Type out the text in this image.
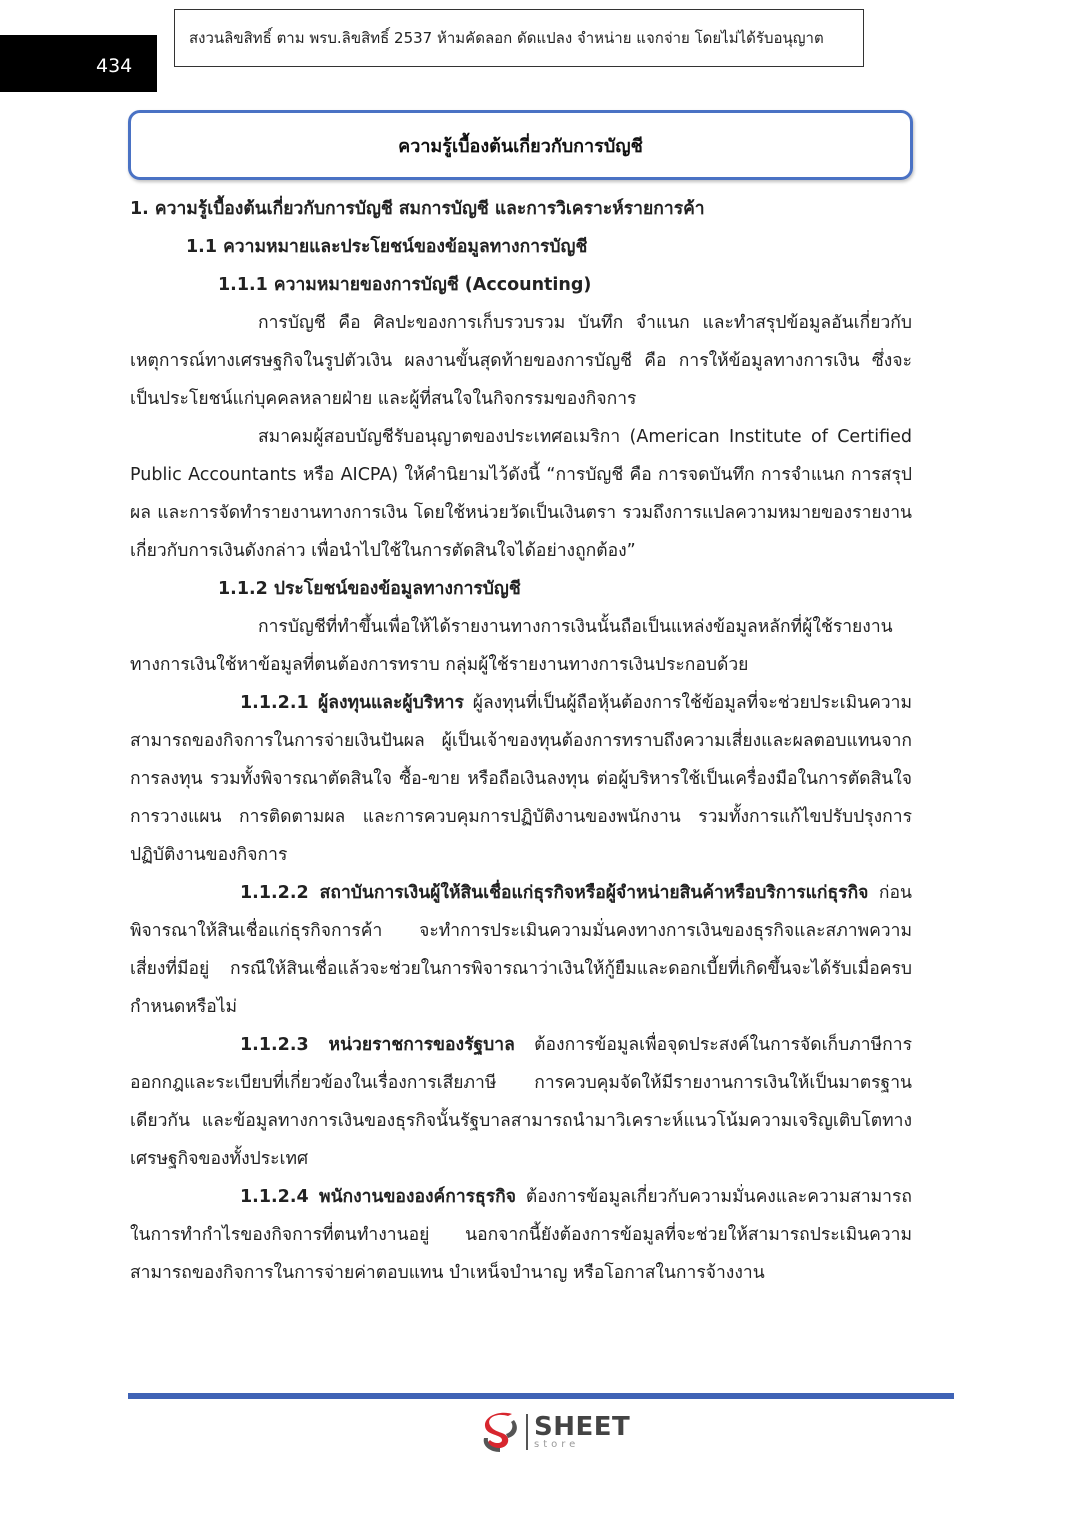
434
สงวนลิขสิทธิ์ ตาม พรบ.ลิขสิทธิ์ 2537 ห้ามคัดลอก ดัดแปลง จำหน่าย แจกจ่าย โดยไม่ได้รับอนุญาต
ความรู้เบื้องต้นเกี่ยวกับการบัญชี

1. ความรู้เบื้องต้นเกี่ยวกับการบัญชี สมการบัญชี และการวิเคราะห์รายการค้า

1.1 ความหมายและประโยชน์ของข้อมูลทางการบัญชี

1.1.1 ความหมายของการบัญชี (Accounting)

การบัญชี คือ ศิลปะของการเก็บรวบรวม บันทึก จำแนก และทำสรุปข้อมูลอันเกี่ยวกับเหตุการณ์ทางเศรษฐกิจในรูปตัวเงิน ผลงานขั้นสุดท้ายของการบัญชี คือ การให้ข้อมูลทางการเงิน ซึ่งจะเป็นประโยชน์แก่บุคคลหลายฝ่าย และผู้ที่สนใจในกิจกรรมของกิจการ

สมาคมผู้สอบบัญชีรับอนุญาตของประเทศอเมริกา (American Institute of Certified Public Accountants หรือ AICPA) ให้คำนิยามไว้ดังนี้ “การบัญชี คือ การจดบันทึก การจำแนก การสรุปผล และการจัดทำรายงานทางการเงิน โดยใช้หน่วยวัดเป็นเงินตรา รวมถึงการแปลความหมายของรายงานเกี่ยวกับการเงินดังกล่าว เพื่อนำไปใช้ในการตัดสินใจได้อย่างถูกต้อง”

1.1.2 ประโยชน์ของข้อมูลทางการบัญชี

การบัญชีที่ทำขึ้นเพื่อให้ได้รายงานทางการเงินนั้นถือเป็นแหล่งข้อมูลหลักที่ผู้ใช้รายงานทางการเงินใช้หาข้อมูลที่ตนต้องการทราบ กลุ่มผู้ใช้รายงานทางการเงินประกอบด้วย

1.1.2.1 ผู้ลงทุนและผู้บริหาร ผู้ลงทุนที่เป็นผู้ถือหุ้นต้องการใช้ข้อมูลที่จะช่วยประเมินความสามารถของกิจการในการจ่ายเงินปันผล ผู้เป็นเจ้าของทุนต้องการทราบถึงความเสี่ยงและผลตอบแทนจากการลงทุน รวมทั้งพิจารณาตัดสินใจ ซื้อ-ขาย หรือถือเงินลงทุน ต่อผู้บริหารใช้เป็นเครื่องมือในการตัดสินใจ การวางแผน การติดตามผล และการควบคุมการปฏิบัติงานของพนักงาน รวมทั้งการแก้ไขปรับปรุงการปฏิบัติงานของกิจการ

1.1.2.2 สถาบันการเงินผู้ให้สินเชื่อแก่ธุรกิจหรือผู้จำหน่ายสินค้าหรือบริการแก่ธุรกิจ ก่อนพิจารณาให้สินเชื่อแก่ธุรกิจการค้า จะทำการประเมินความมั่นคงทางการเงินของธุรกิจและสภาพความเสี่ยงที่มีอยู่ กรณีให้สินเชื่อแล้วจะช่วยในการพิจารณาว่าเงินให้กู้ยืมและดอกเบี้ยที่เกิดขึ้นจะได้รับเมื่อครบกำหนดหรือไม่

1.1.2.3 หน่วยราชการของรัฐบาล ต้องการข้อมูลเพื่อจุดประสงค์ในการจัดเก็บภาษีการออกกฎและระเบียบที่เกี่ยวข้องในเรื่องการเสียภาษี การควบคุมจัดให้มีรายงานการเงินให้เป็นมาตรฐานเดียวกัน และข้อมูลทางการเงินของธุรกิจนั้นรัฐบาลสามารถนำมาวิเคราะห์แนวโน้มความเจริญเติบโตทางเศรษฐกิจของทั้งประเทศ

1.1.2.4 พนักงานขององค์การธุรกิจ ต้องการข้อมูลเกี่ยวกับความมั่นคงและความสามารถในการทำกำไรของกิจการที่ตนทำงานอยู่ นอกจากนี้ยังต้องการข้อมูลที่จะช่วยให้สามารถประเมินความสามารถของกิจการในการจ่ายค่าตอบแทน บำเหน็จบำนาญ หรือโอกาสในการจ้างงาน

SHEET
store
